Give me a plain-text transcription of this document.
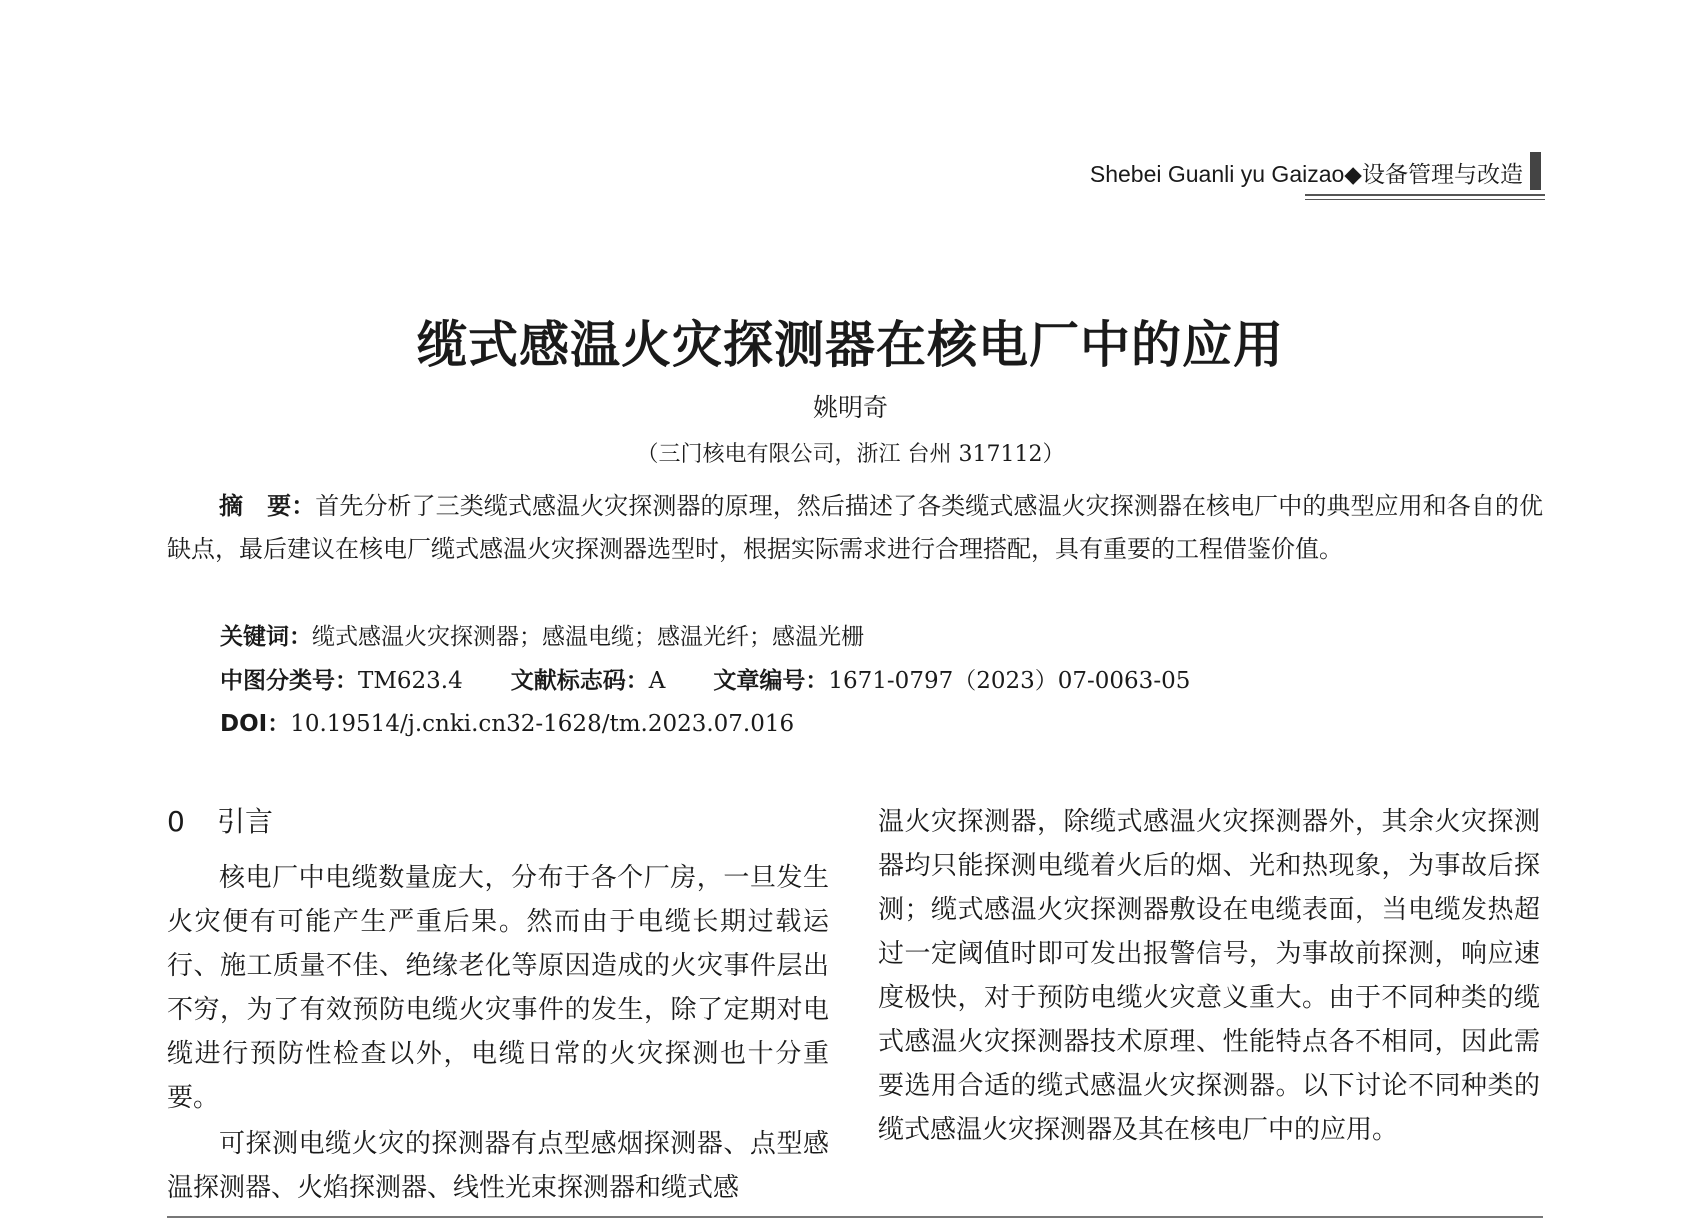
Shebei Guanli yu Gaizao◆设备管理与改造
缆式感温火灾探测器在核电厂中的应用
姚明奇
（三门核电有限公司，浙江 台州 317112）
摘　要：首先分析了三类缆式感温火灾探测器的原理，然后描述了各类缆式感温火灾探测器在核电厂中的典型应用和各自的优缺点，最后建议在核电厂缆式感温火灾探测器选型时，根据实际需求进行合理搭配，具有重要的工程借鉴价值。
关键词：缆式感温火灾探测器；感温电缆；感温光纤；感温光栅
中图分类号：TM623.4 文献标志码：A 文章编号：1671-0797（2023）07-0063-05
DOI：10.19514/j.cnki.cn32-1628/tm.2023.07.016
0 引言

核电厂中电缆数量庞大，分布于各个厂房，一旦发生火灾便有可能产生严重后果。然而由于电缆长期过载运行、施工质量不佳、绝缘老化等原因造成的火灾事件层出不穷，为了有效预防电缆火灾事件的发生，除了定期对电缆进行预防性检查以外，电缆日常的火灾探测也十分重要。

可探测电缆火灾的探测器有点型感烟探测器、点型感温探测器、火焰探测器、线性光束探测器和缆式感

温火灾探测器，除缆式感温火灾探测器外，其余火灾探测器均只能探测电缆着火后的烟、光和热现象，为事故后探测；缆式感温火灾探测器敷设在电缆表面，当电缆发热超过一定阈值时即可发出报警信号，为事故前探测，响应速度极快，对于预防电缆火灾意义重大。由于不同种类的缆式感温火灾探测器技术原理、性能特点各不相同，因此需要选用合适的缆式感温火灾探测器。以下讨论不同种类的缆式感温火灾探测器及其在核电厂中的应用。
